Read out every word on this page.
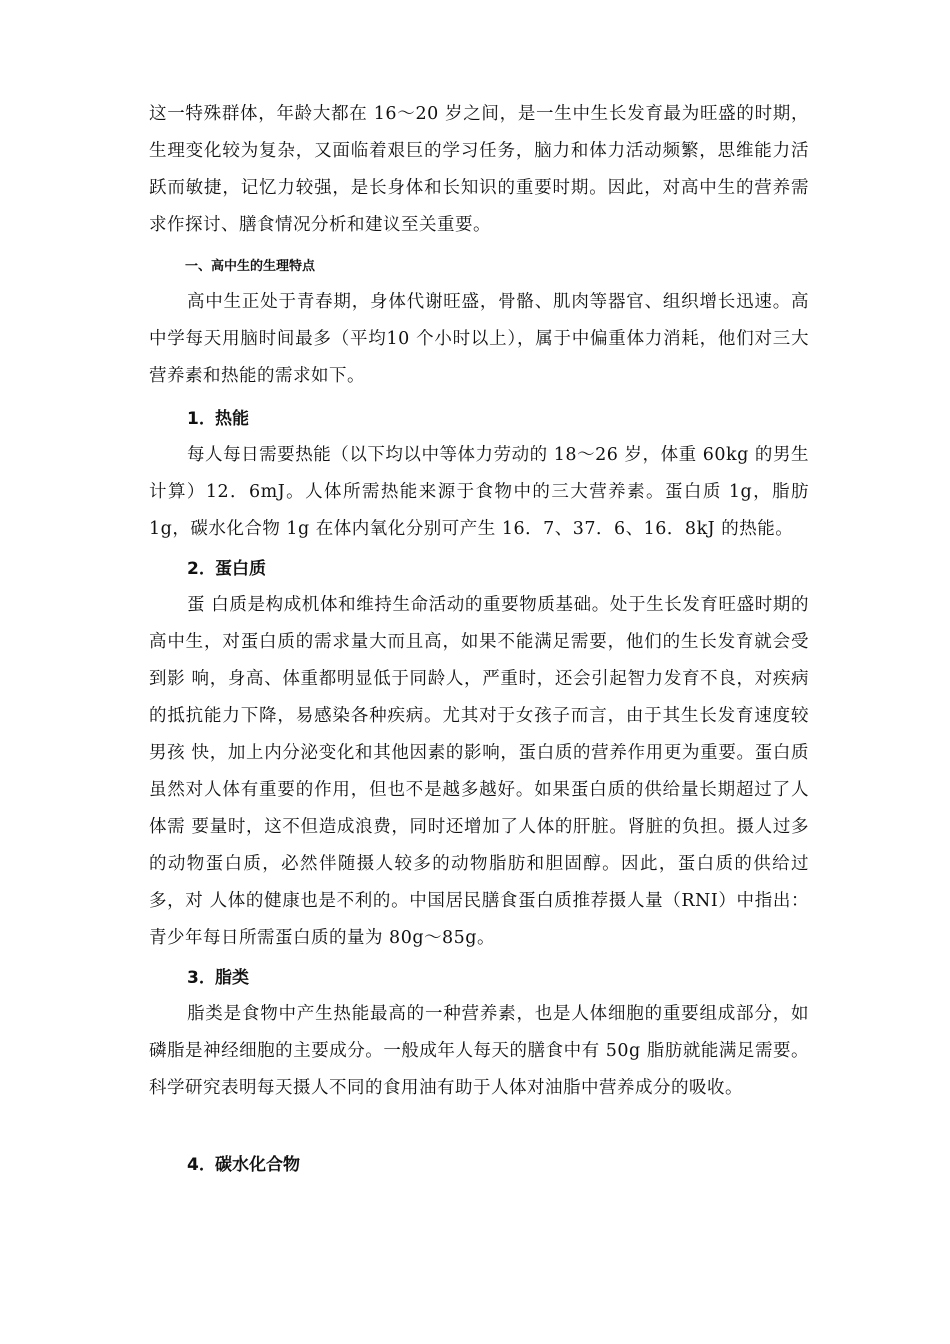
这一特殊群体，年龄大都在 16～20 岁之间，是一生中生长发育最为旺盛的时期，生理变化较为复杂，又面临着艰巨的学习任务，脑力和体力活动频繁，思维能力活跃而敏捷，记忆力较强，是长身体和长知识的重要时期。因此，对高中生的营养需求作探讨、膳食情况分析和建议至关重要。

一、高中生的生理特点

高中生正处于青春期，身体代谢旺盛，骨骼、肌肉等器官、组织增长迅速。高中学每天用脑时间最多（平均10 个小时以上），属于中偏重体力消耗，他们对三大营养素和热能的需求如下。

1．热能

每人每日需要热能（以下均以中等体力劳动的 18～26 岁，体重 60kg 的男生计算）12．6mJ。人体所需热能来源于食物中的三大营养素。蛋白质 1g，脂肪 1g，碳水化合物 1g 在体内氧化分别可产生 16．7、37．6、16．8kJ 的热能。

2．蛋白质

蛋 白质是构成机体和维持生命活动的重要物质基础。处于生长发育旺盛时期的高中生，对蛋白质的需求量大而且高，如果不能满足需要，他们的生长发育就会受到影 响，身高、体重都明显低于同龄人，严重时，还会引起智力发育不良，对疾病的抵抗能力下降，易感染各种疾病。尤其对于女孩子而言，由于其生长发育速度较男孩 快，加上内分泌变化和其他因素的影响，蛋白质的营养作用更为重要。蛋白质虽然对人体有重要的作用，但也不是越多越好。如果蛋白质的供给量长期超过了人体需 要量时，这不但造成浪费，同时还增加了人体的肝脏。肾脏的负担。摄人过多的动物蛋白质，必然伴随摄人较多的动物脂肪和胆固醇。因此，蛋白质的供给过多，对 人体的健康也是不利的。中国居民膳食蛋白质推荐摄人量（RNI）中指出：青少年每日所需蛋白质的量为 80g～85g。

3．脂类

脂类是食物中产生热能最高的一种营养素，也是人体细胞的重要组成部分，如磷脂是神经细胞的主要成分。一般成年人每天的膳食中有 50g 脂肪就能满足需要。科学研究表明每天摄人不同的食用油有助于人体对油脂中营养成分的吸收。

4．碳水化合物
